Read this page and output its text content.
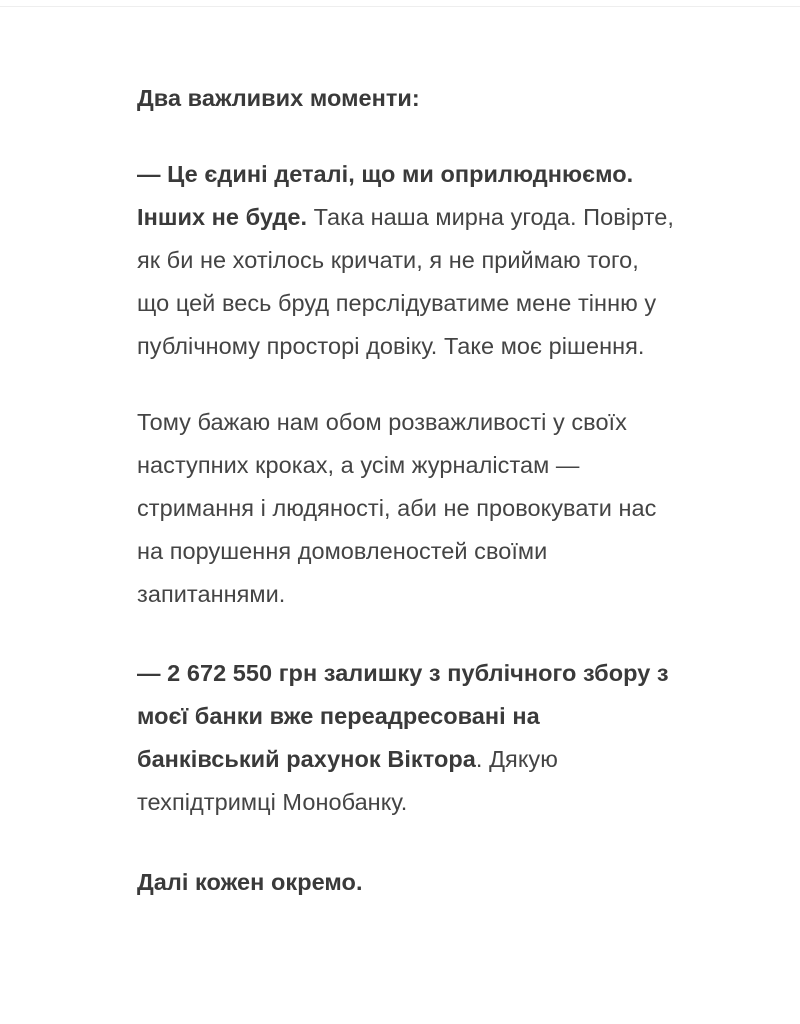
Два важливих моменти:

— Це єдині деталі, що ми оприлюднюємо. Інших не буде. Така наша мирна угода. Повірте, як би не хотілось кричати, я не приймаю того, що цей весь бруд перслідуватиме мене тінню у публічному просторі довіку. Таке моє рішення.

Тому бажаю нам обом розважливості у своїх наступних кроках, а усім журналістам — стримання і людяності, аби не провокувати нас на порушення домовленостей своїми запитаннями.

— 2 672 550 грн залишку з публічного збору з моєї банки вже переадресовані на банківський рахунок Віктора. Дякую техпідтримці Монобанку.

Далі кожен окремо.
